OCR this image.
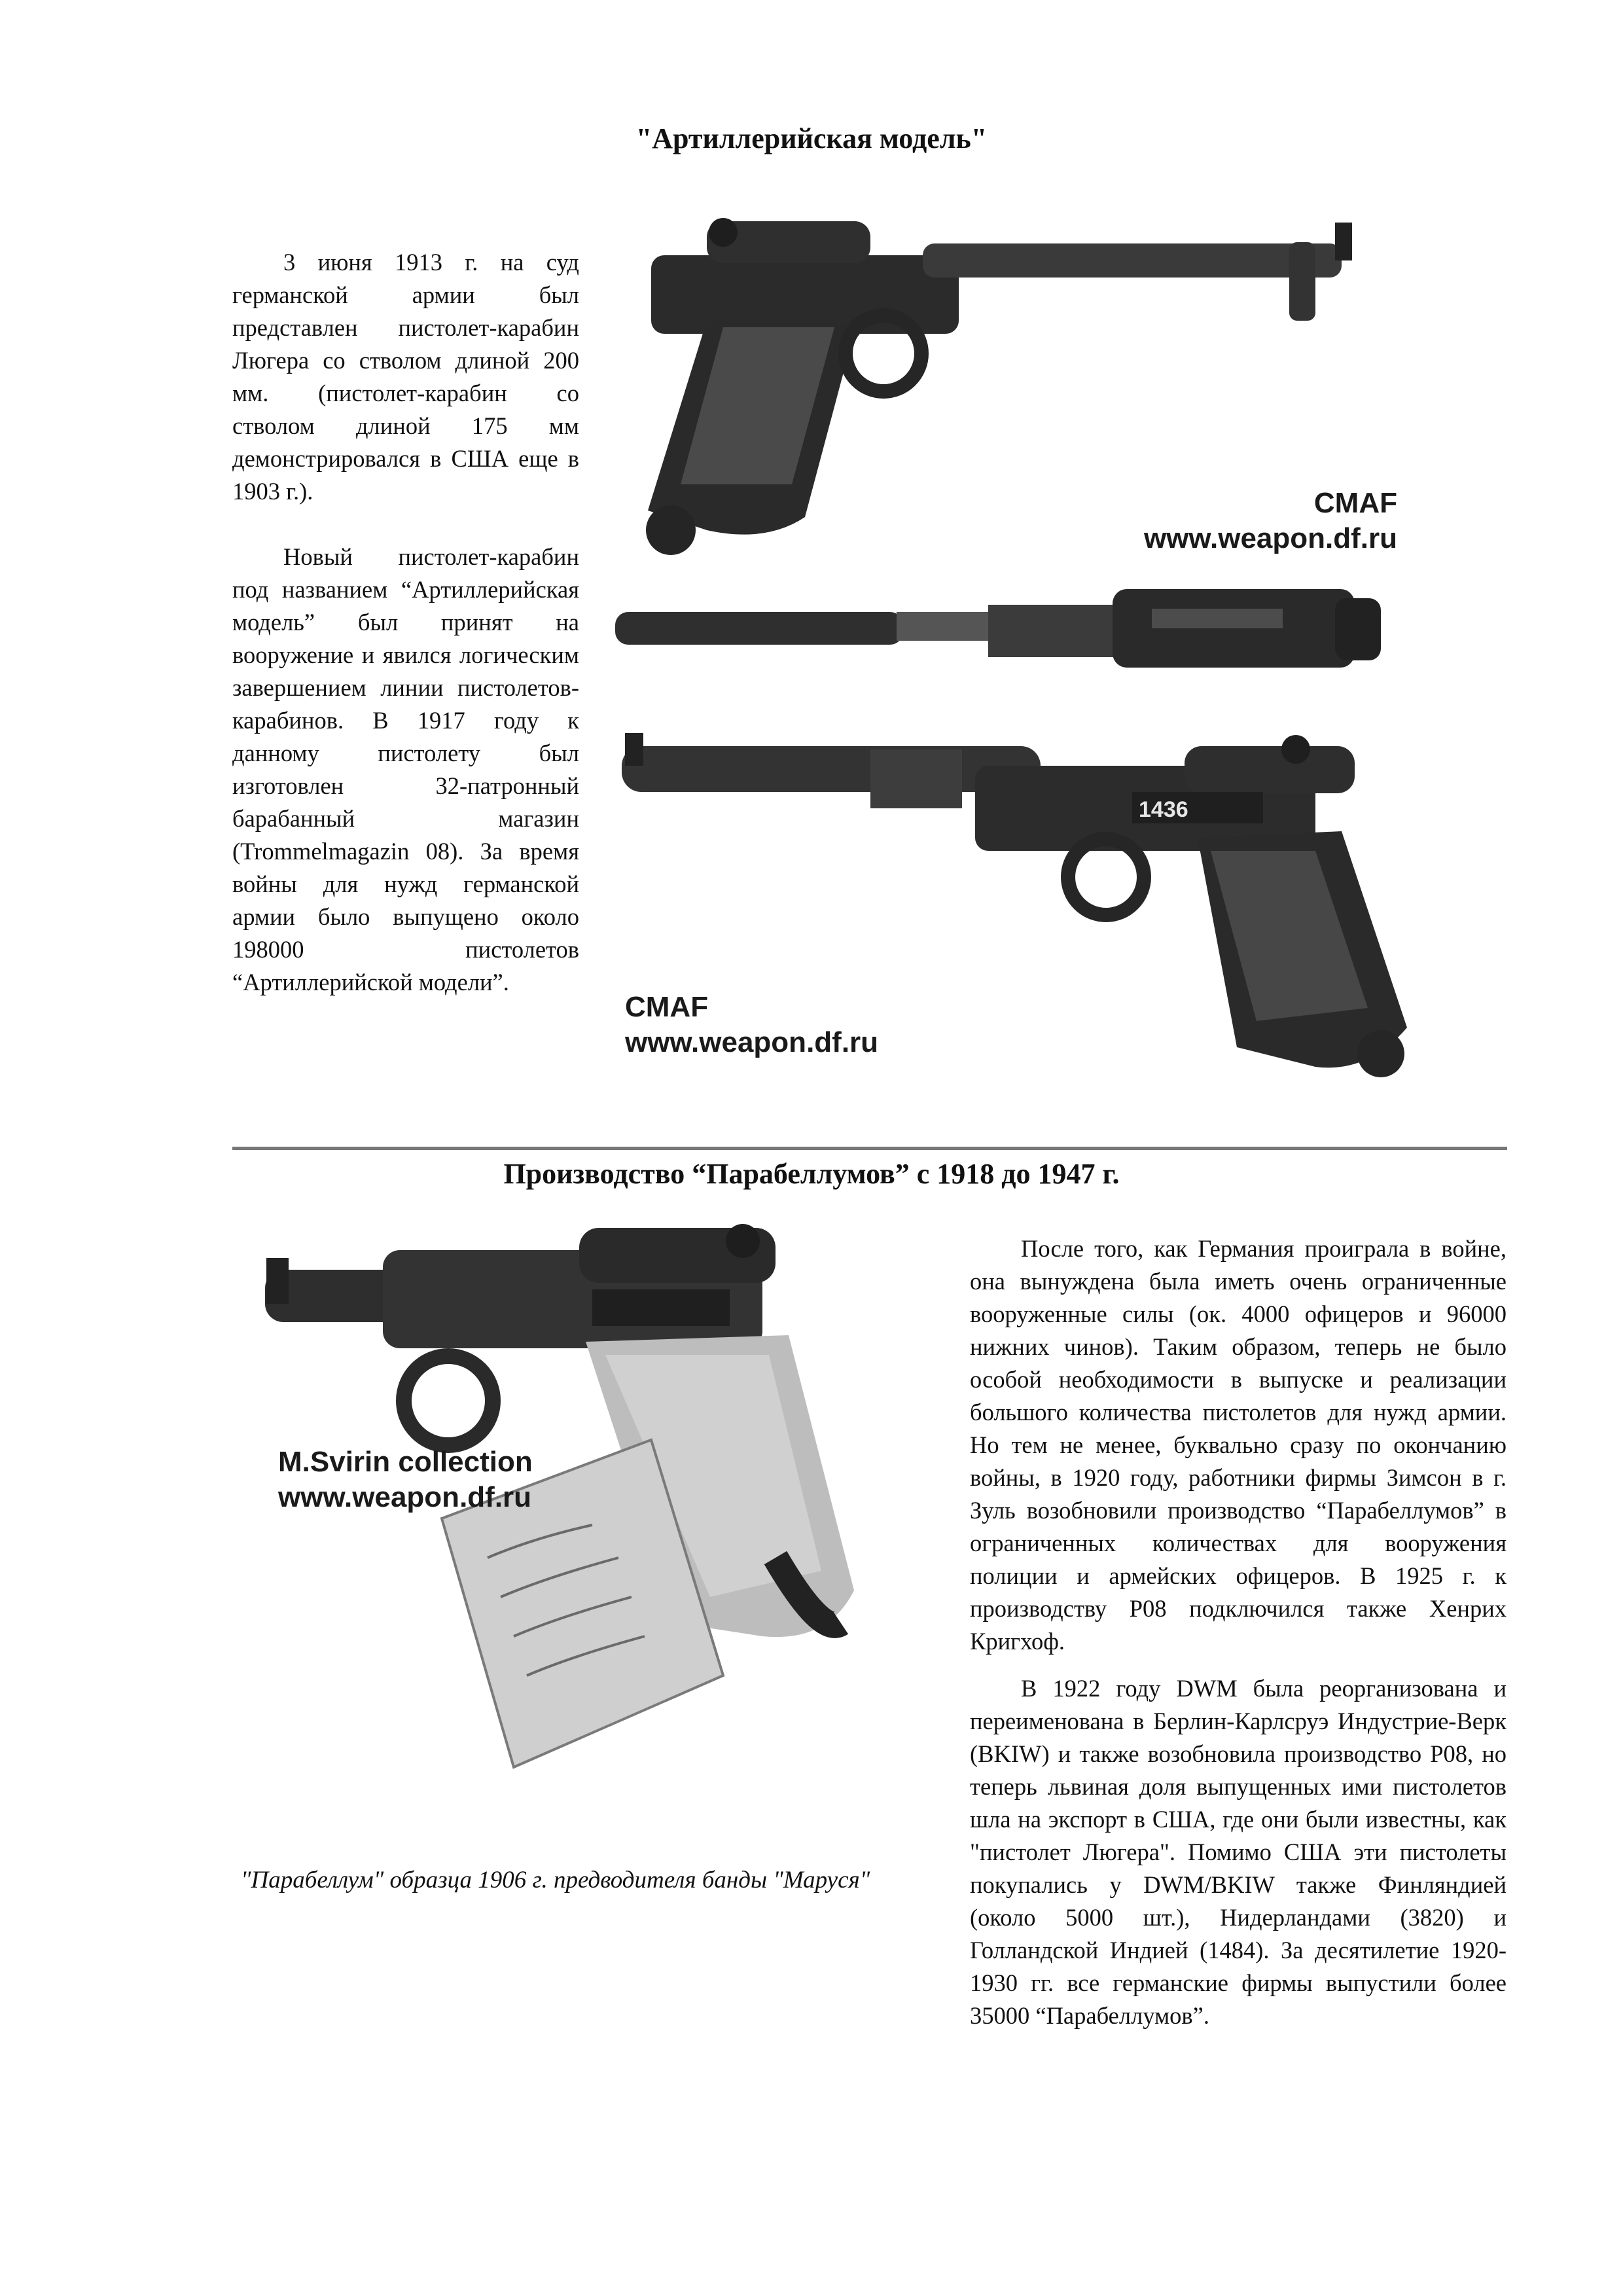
"Артиллерийская модель"

3 июня 1913 г. на суд германской армии был представлен пистолет-карабин Люгера со стволом длиной 200 мм. (пистолет-карабин со стволом длиной 175 мм демонстрировался в США еще в 1903 г.).

Новый пистолет-карабин под названием “Артиллерийская модель” был принят на вооружение и явился логическим завершением линии пистолетов-карабинов. В 1917 году к данному пистолету был изготовлен 32-патронный барабанный магазин (Trommelmagazin 08). За время войны для нужд германской армии было выпущено около 198000 пистолетов “Артиллерийской модели”.

CMAF
www.weapon.df.ru
1436
CMAF
www.weapon.df.ru
Производство “Парабеллумов” с 1918 до 1947 г.
M.Svirin collection
www.weapon.df.ru
"Парабеллум" образца 1906 г. предводителя банды "Маруся"

После того, как Германия проиграла в войне, она вынуждена была иметь очень ограниченные вооруженные силы (ок. 4000 офицеров и 96000 нижних чинов). Таким образом, теперь не было особой необходимости в выпуске и реализации большого количества пистолетов для нужд армии. Но тем не менее, буквально сразу по окончанию войны, в 1920 году, работники фирмы Зимсон в г. Зуль возобновили производство “Парабеллумов” в ограниченных количествах для вооружения полиции и армейских офицеров. В 1925 г. к производству P08 подключился также Хенрих Кригхоф.

В 1922 году DWM была реорганизована и переименована в Берлин-Карлсруэ Индустрие-Верк (BKIW) и также возобновила производство P08, но теперь львиная доля выпущенных ими пистолетов шла на экспорт в США, где они были известны, как "пистолет Люгера". Помимо США эти пистолеты покупались у DWM/BKIW также Финляндией (около 5000 шт.), Нидерландами (3820) и Голландской Индией (1484). За десятилетие 1920-1930 гг. все германские фирмы выпустили более 35000 “Парабеллумов”.
